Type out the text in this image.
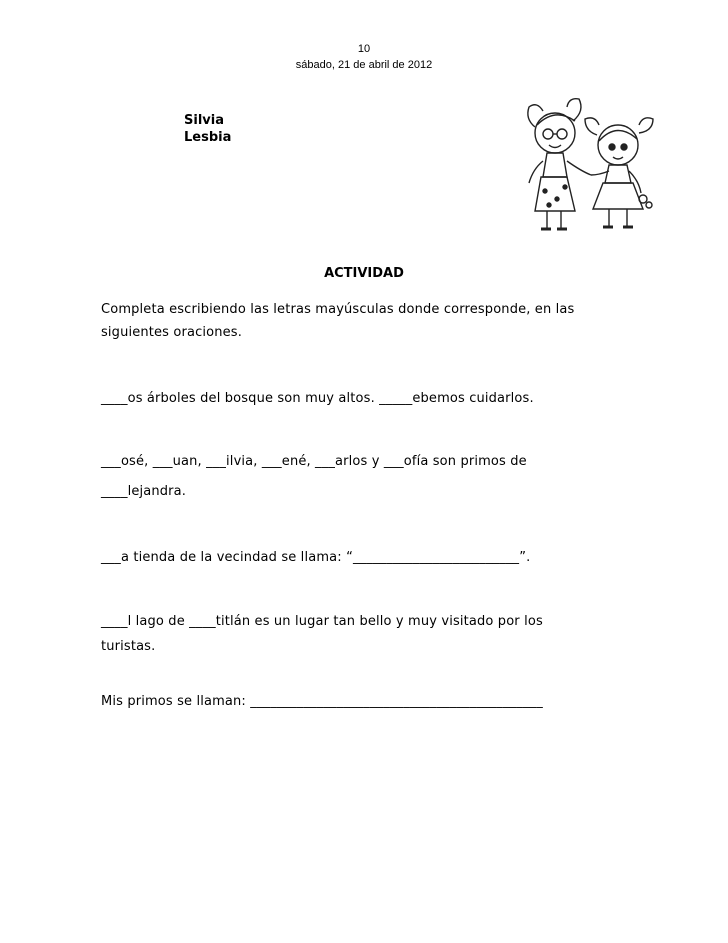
10
sábado, 21 de abril de 2012
Silvia
Lesbia
ACTIVIDAD
Completa escribiendo las letras mayúsculas donde corresponde, en las
siguientes oraciones.
____os árboles del bosque son muy altos. _____ebemos cuidarlos.
___osé, ___uan, ___ilvia, ___ené, ___arlos y ___ofía son primos de
____lejandra.
___a tienda de la vecindad se llama: “_________________________”.
____l lago de ____titlán es un lugar tan bello y muy visitado por los
turistas.
Mis primos se llaman: ____________________________________________
